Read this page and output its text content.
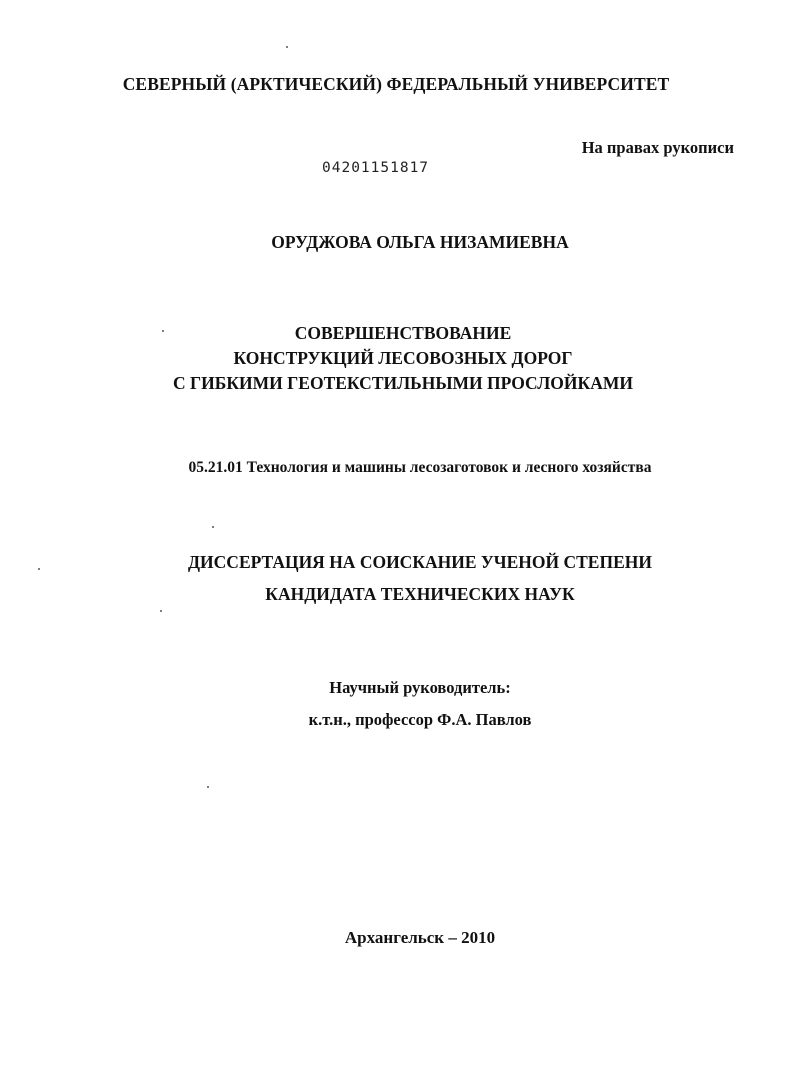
СЕВЕРНЫЙ (АРКТИЧЕСКИЙ) ФЕДЕРАЛЬНЫЙ УНИВЕРСИТЕТ
На правах рукописи
04201151817
ОРУДЖОВА ОЛЬГА НИЗАМИЕВНА
СОВЕРШЕНСТВОВАНИЕ
КОНСТРУКЦИЙ ЛЕСОВОЗНЫХ ДОРОГ
С ГИБКИМИ ГЕОТЕКСТИЛЬНЫМИ ПРОСЛОЙКАМИ
05.21.01 Технология и машины лесозаготовок и лесного хозяйства
ДИССЕРТАЦИЯ НА СОИСКАНИЕ УЧЕНОЙ СТЕПЕНИ
КАНДИДАТА ТЕХНИЧЕСКИХ НАУК
Научный руководитель:
к.т.н., профессор Ф.А. Павлов
Архангельск – 2010
